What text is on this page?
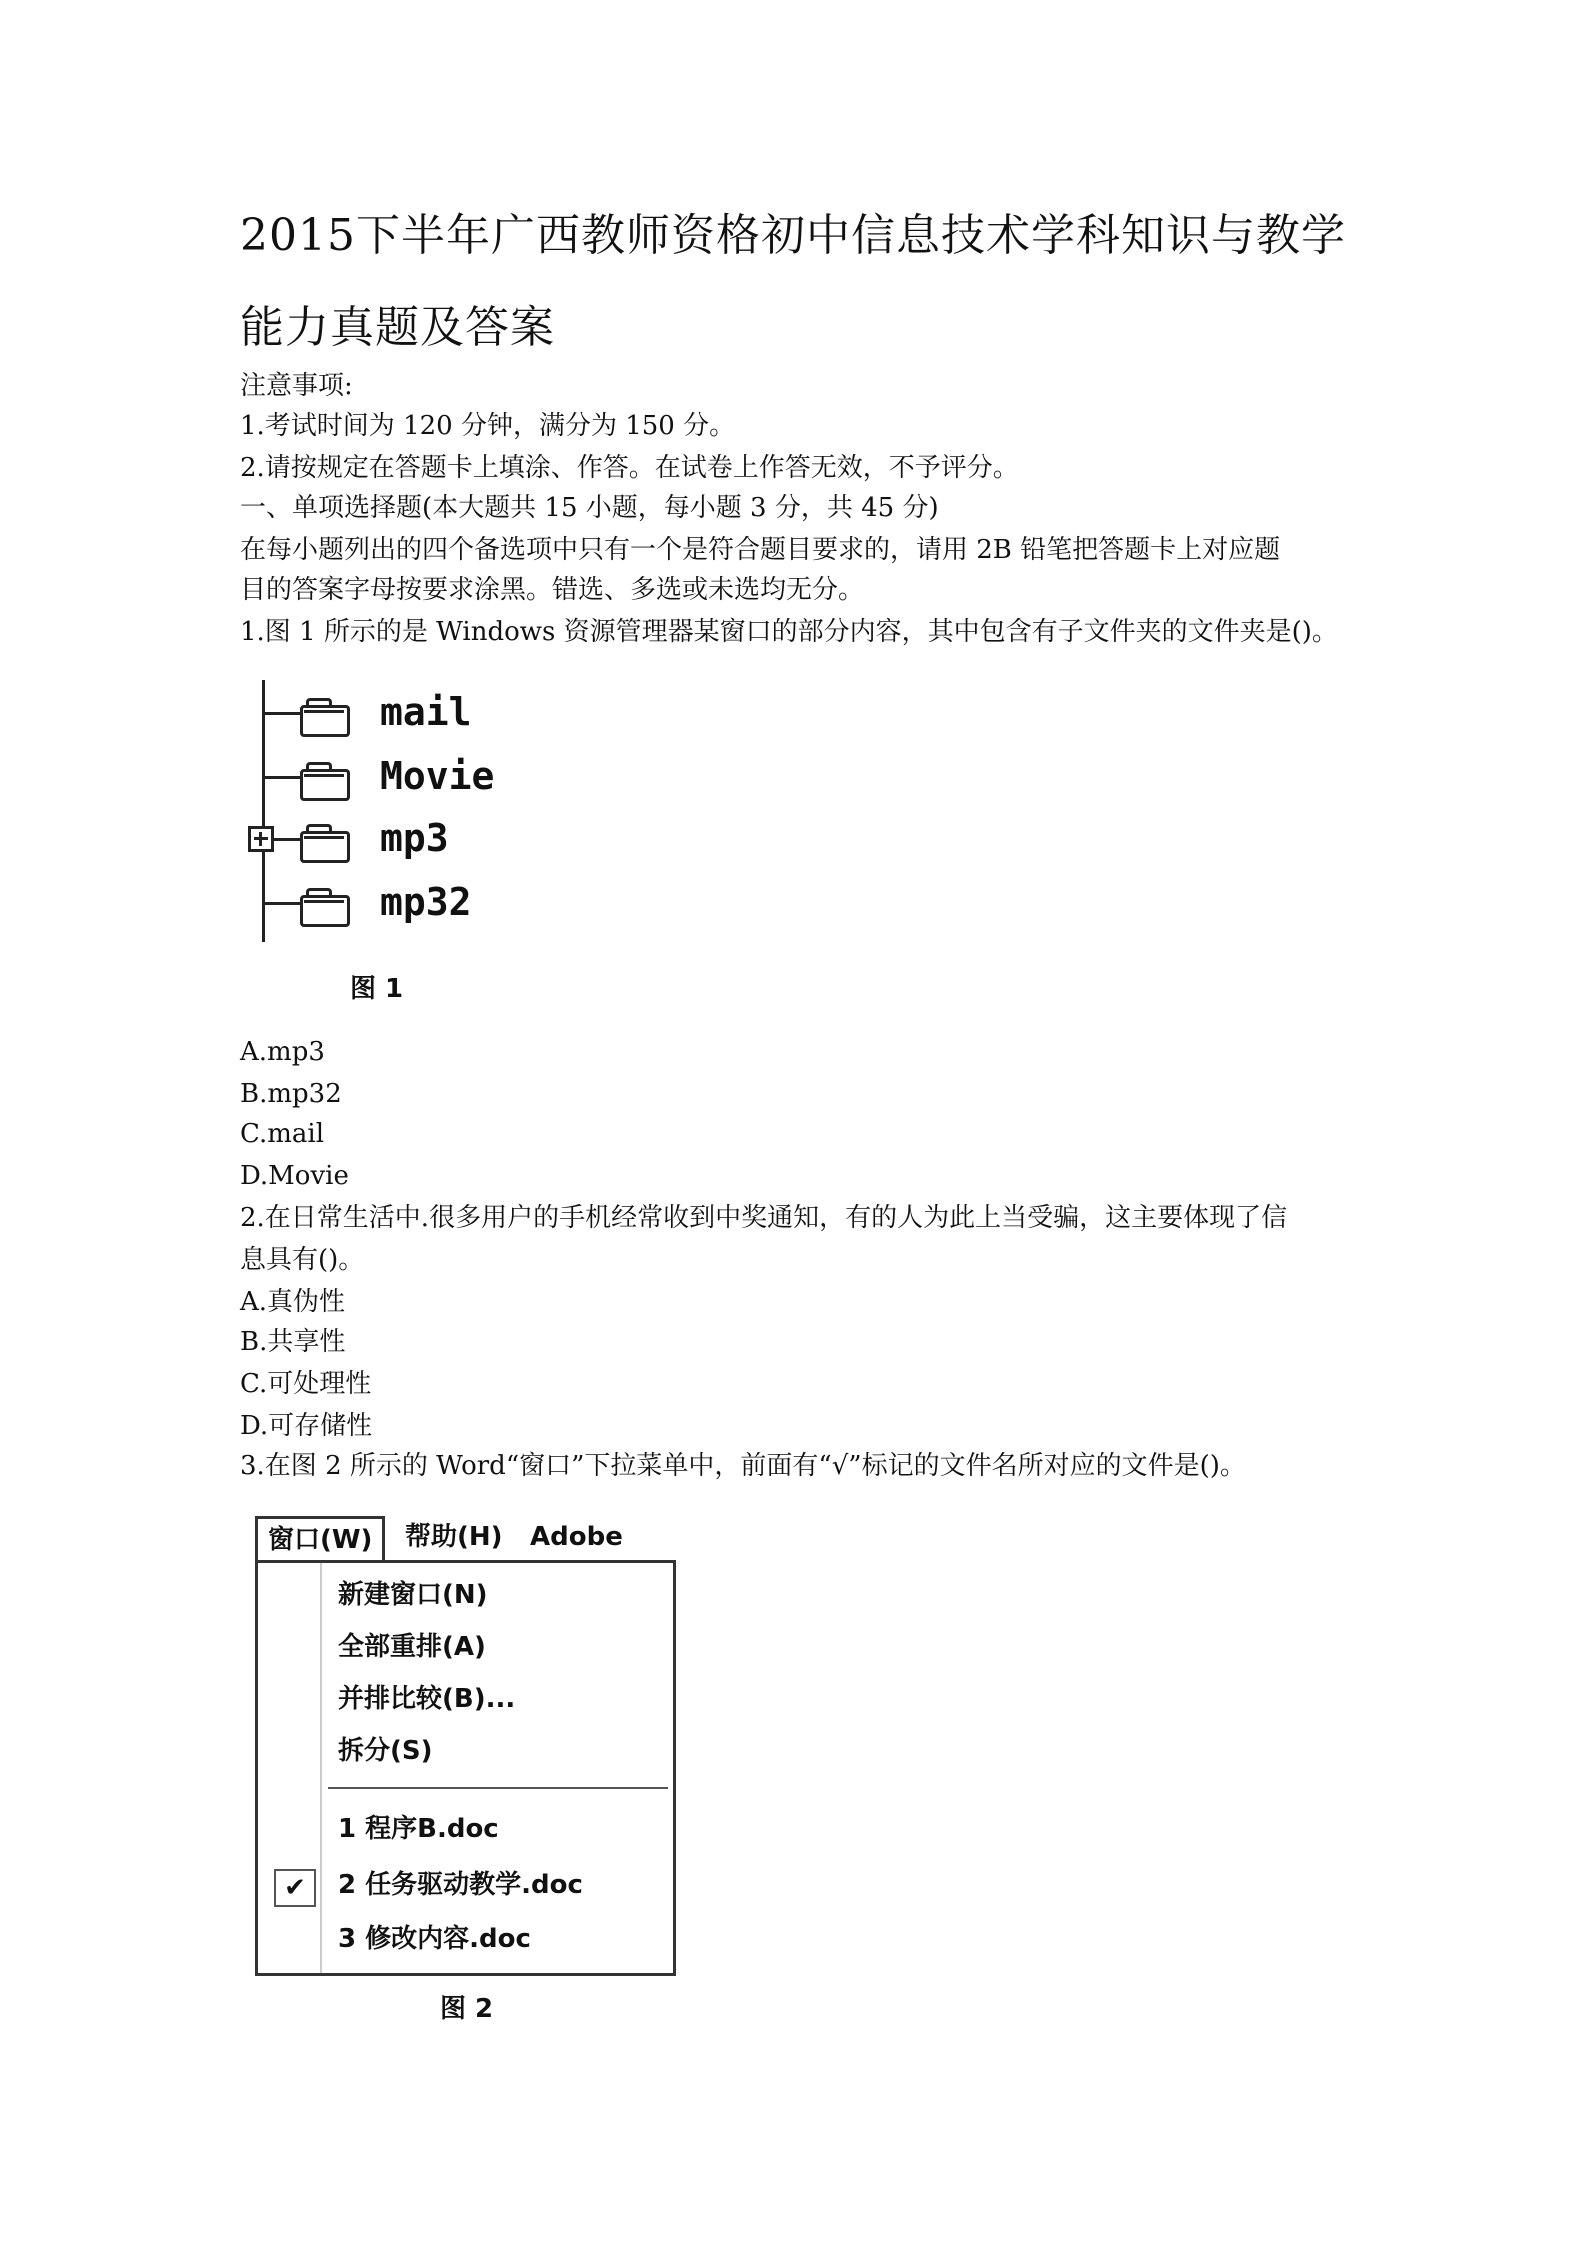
2015下半年广西教师资格初中信息技术学科知识与教学能力真题及答案
注意事项:
1.考试时间为 120 分钟，满分为 150 分。
2.请按规定在答题卡上填涂、作答。在试卷上作答无效，不予评分。
一、单项选择题(本大题共 15 小题，每小题 3 分，共 45 分)
在每小题列出的四个备选项中只有一个是符合题目要求的，请用 2B 铅笔把答题卡上对应题
目的答案字母按要求涂黑。错选、多选或未选均无分。
1.图 1 所示的是 Windows 资源管理器某窗口的部分内容，其中包含有子文件夹的文件夹是()。
mail
Movie
mp3
mp32
图 1
A.mp3
B.mp32
C.mail
D.Movie
2.在日常生活中.很多用户的手机经常收到中奖通知，有的人为此上当受骗，这主要体现了信
息具有()。
A.真伪性
B.共享性
C.可处理性
D.可存储性
3.在图 2 所示的 Word“窗口”下拉菜单中，前面有“√”标记的文件名所对应的文件是()。
窗口(W)	帮助(H) Adobe
新建窗口(N)
全部重排(A)
并排比较(B)...
拆分(S)
1 程序B.doc
✔	2 任务驱动教学.doc
3 修改内容.doc
图 2
